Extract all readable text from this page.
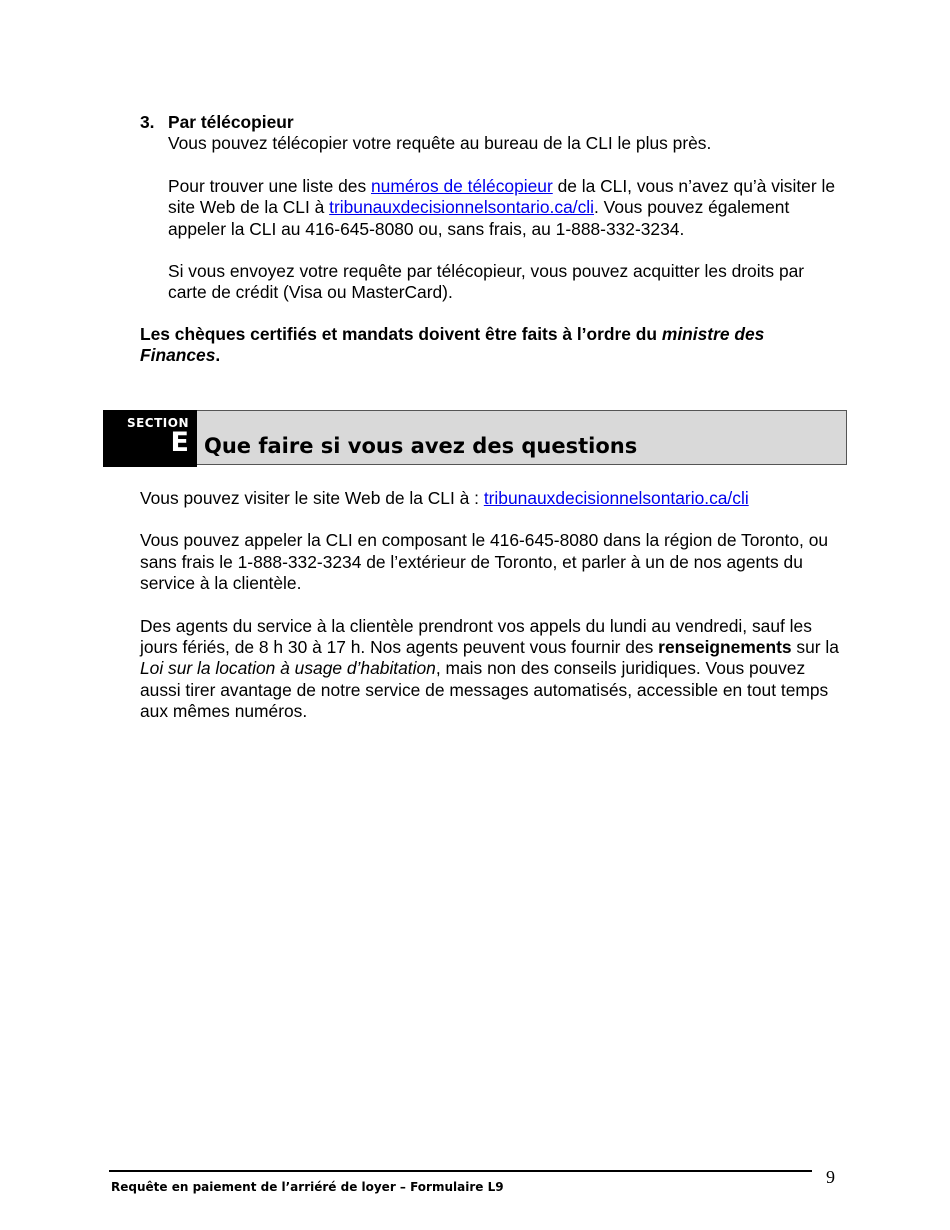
3. Par télécopieur

Vous pouvez télécopier votre requête au bureau de la CLI le plus près.

Pour trouver une liste des numéros de télécopieur de la CLI, vous n’avez qu’à visiter le site Web de la CLI à tribunauxdecisionnelsontario.ca/cli. Vous pouvez également appeler la CLI au 416-645-8080 ou, sans frais, au 1-888-332-3234.

Si vous envoyez votre requête par télécopieur, vous pouvez acquitter les droits par carte de crédit (Visa ou MasterCard).

Les chèques certifiés et mandats doivent être faits à l’ordre du ministre des Finances.

SECTION
E Que faire si vous avez des questions

Vous pouvez visiter le site Web de la CLI à : tribunauxdecisionnelsontario.ca/cli

Vous pouvez appeler la CLI en composant le 416-645-8080 dans la région de Toronto, ou sans frais le 1-888-332-3234 de l’extérieur de Toronto, et parler à un de nos agents du service à la clientèle.

Des agents du service à la clientèle prendront vos appels du lundi au vendredi, sauf les jours fériés, de 8 h 30 à 17 h. Nos agents peuvent vous fournir des renseignements sur la Loi sur la location à usage d’habitation, mais non des conseils juridiques. Vous pouvez aussi tirer avantage de notre service de messages automatisés, accessible en tout temps aux mêmes numéros.

9
Requête en paiement de l’arriéré de loyer – Formulaire L9
